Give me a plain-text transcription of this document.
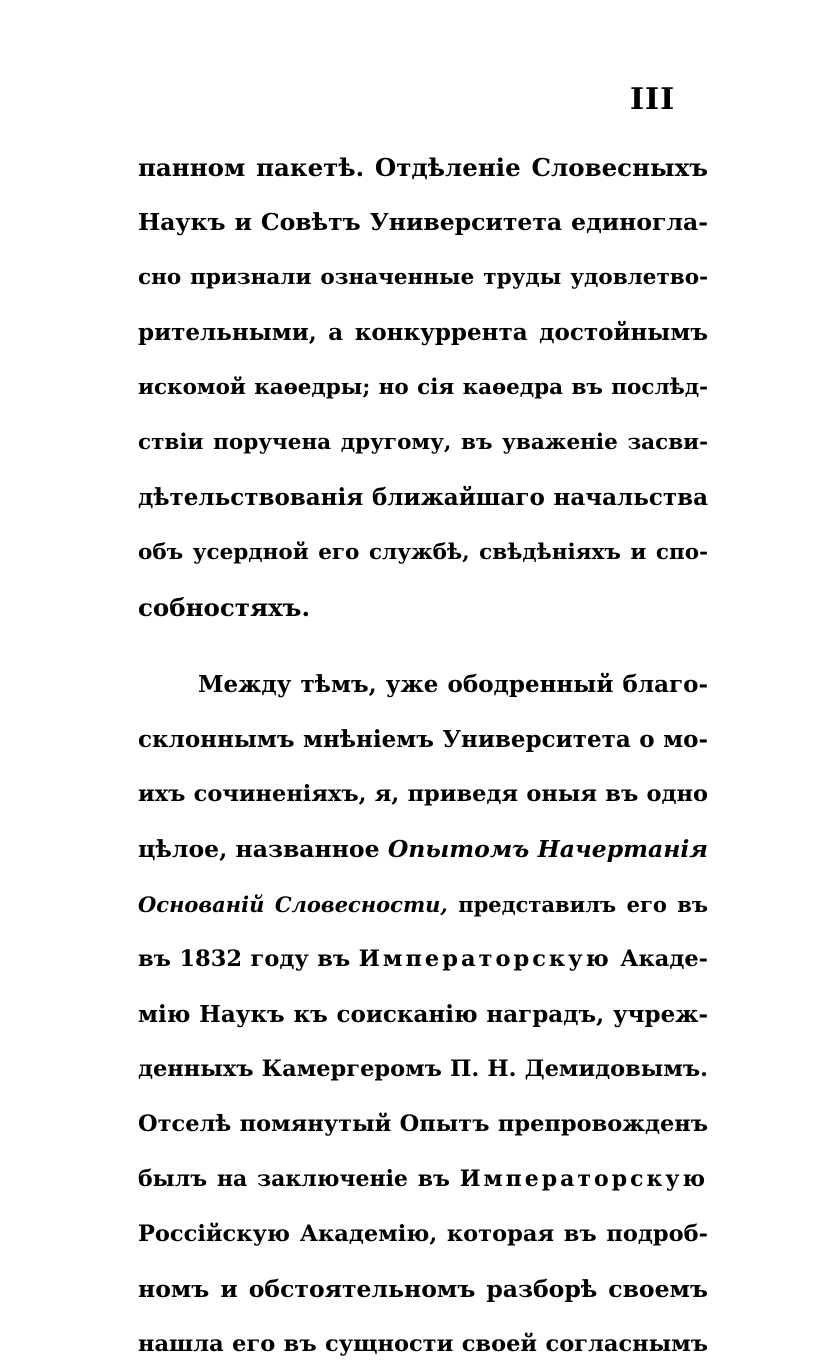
III
панном пакетѣ. Отдѣленіе Словесныхъ
Наукъ и Совѣтъ Университета единогла-
сно признали означенные труды удовлетво-
рительными, а конкуррента достойнымъ
искомой каѳедры; но сія каѳедра въ послѣд-
ствіи поручена другому, въ уваженіе засви-
дѣтельствованія ближайшаго начальства
объ усердной его службѣ, свѣдѣніяхъ и спо-
собностяхъ.
Между тѣмъ, уже ободренный благо-
склоннымъ мнѣніемъ Университета о мо-
ихъ сочиненіяхъ, я, приведя оныя въ одно
цѣлое, названное Опытомъ Начертанія
Основаній Словесности, представилъ его въ
въ 1832 году въ Императорскую Акаде-
мію Наукъ къ соисканію наградъ, учреж-
денныхъ Камергеромъ П. Н. Демидовымъ.
Отселѣ помянутый Опытъ препровожденъ
былъ на заключеніе въ Императорскую
Россійскую Академію, которая въ подроб-
номъ и обстоятельномъ разборѣ своемъ
нашла его въ сущности своей согласнымъ
